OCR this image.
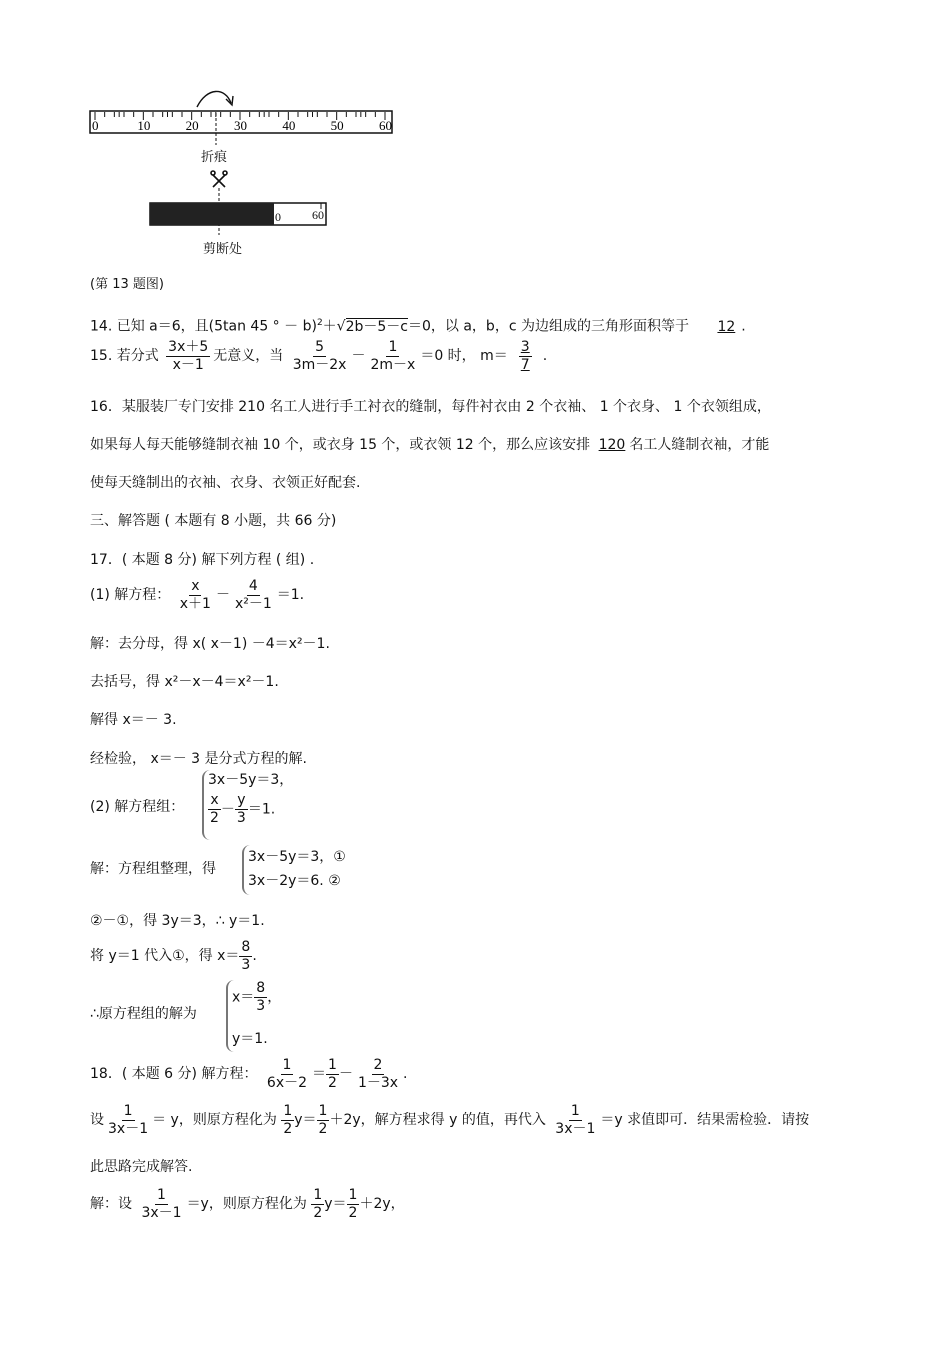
0	10	20	30	40	50	60
折痕
剪断处
0	60
(第 13 题图)
14. 已知 a＝6，且(5tan 45 ° － b)$^2$＋√2b－5－c＝0，以 a，b，c 为边组成的三角形面积等于 12 .
15. 若分式 $\frac{3x+5}{x-1}$ 无意义，当 $\frac{5}{3m-2x} - \frac{1}{2m-x} =0$ 时， $m= \frac{3}{7}$ .
16．某服装厂专门安排 210 名工人进行手工衬衣的缝制，每件衬衣由 2 个衣袖、 1 个衣身、 1 个衣领组成，
如果每人每天能够缝制衣袖 10 个，或衣身 15 个，或衣领 12 个，那么应该安排 120 名工人缝制衣袖，才能
使每天缝制出的衣袖、衣身、衣领正好配套.
三、解答题 ( 本题有 8 小题，共 66 分)
17．( 本题 8 分) 解下列方程 ( 组) .
(1) 解方程： $\frac{x}{x+1} - \frac{4}{\text{x²－1}} =1$.
解：去分母，得 x( x－1) －4＝x²－1.
去括号，得 x²－x－4＝x²－1.
解得 x＝－ 3.
经检验， x＝－ 3 是分式方程的解.
(2) 解方程组：
3x－5y＝3，
$\frac{x}{2} - \frac{y}{3} =1$.
解：方程组整理，得
3x－5y＝3，①
3x－2y＝6. ②
②－①，得 3y＝3，∴ y＝1.
将 y＝1 代入①，得 $x= \frac{8}{3}$ .
∴原方程组的解为
$x= \frac{8}{3}$ ，
y＝1.
18．( 本题 6 分) 解方程： $\frac{1}{6x-2} = \frac{1}{2} - \frac{2}{1-3x}$ .
设 $\frac{1}{3x-1} = y$，则原方程化为 $\frac{1}{2} y= \frac{1}{2} +2y$，解方程求得 y 的值，再代入 $\frac{1}{3x-1} =y$ 求值即可．结果需检验．请按
此思路完成解答.
解：设 $\frac{1}{3x-1} =y$，则原方程化为 $\frac{1}{2} y= \frac{1}{2} +2y$，
